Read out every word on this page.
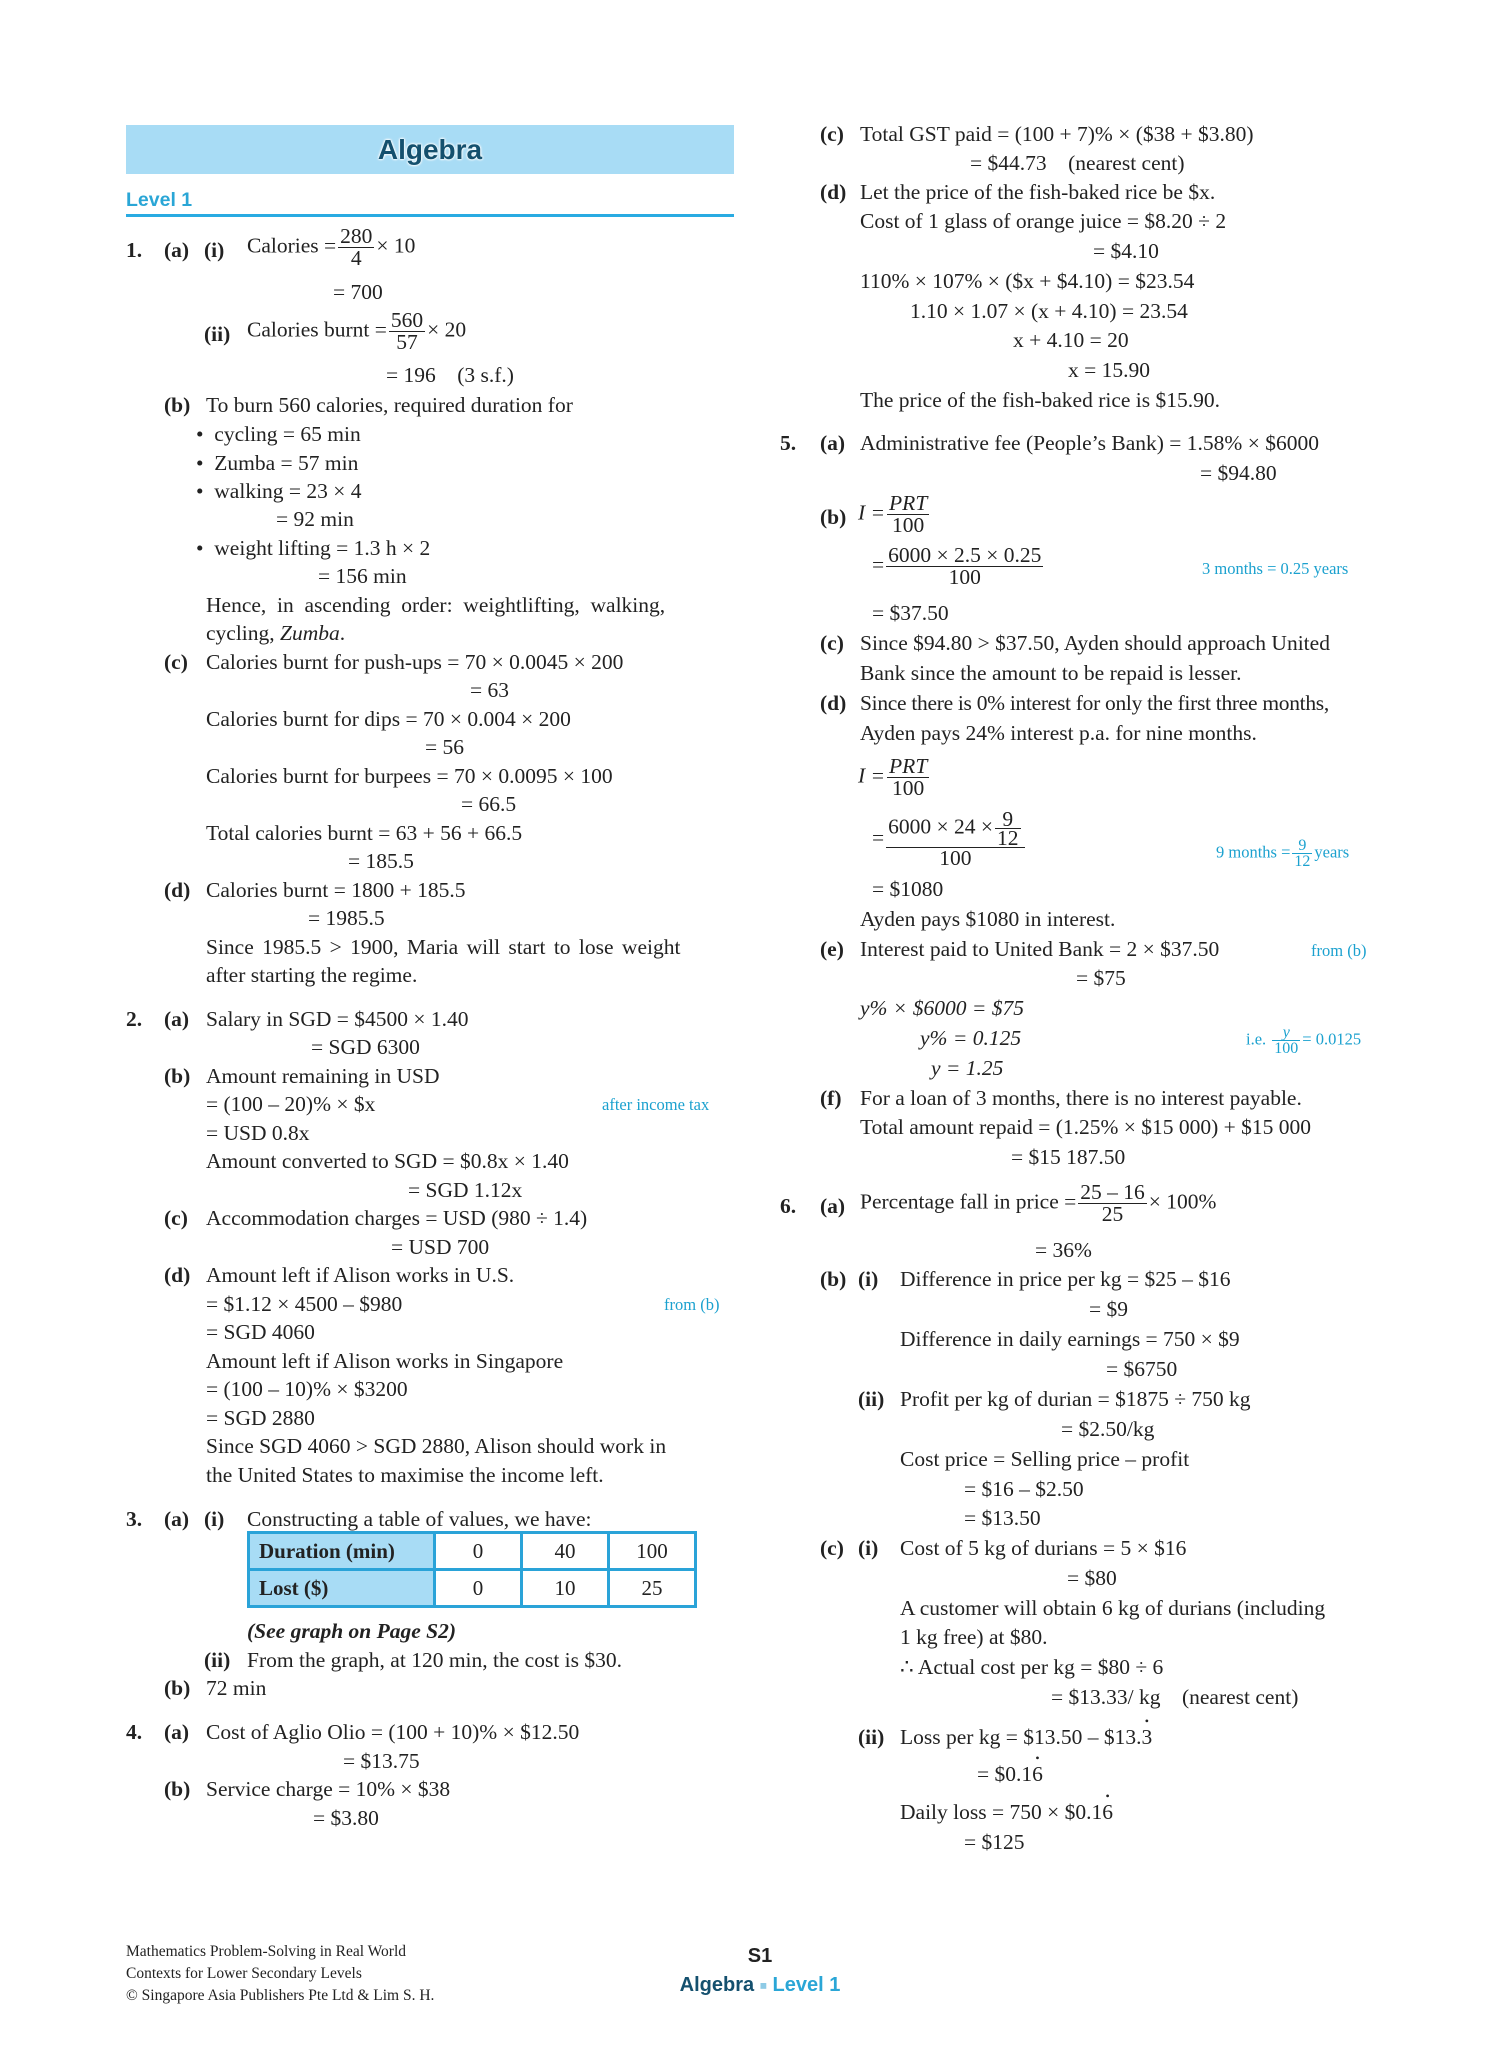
Algebra
Level 1
1. (a) (i) Calories = $\frac{280}{4} \times 10$
= 700
(ii) Calories burnt = $\frac{560}{57} \times 20$
= 196    (3 s.f.)
(b) To burn 560 calories, required duration for
•  cycling = 65 min
•  Zumba = 57 min
•  walking = 23 × 4
= 92 min
•  weight lifting = 1.3 h × 2
= 156 min
Hence,  in  ascending  order:  weightlifting,  walking,
cycling, Zumba.
(c) Calories burnt for push-ups = 70 × 0.0045 × 200
= 63
Calories burnt for dips = 70 × 0.004 × 200
= 56
Calories burnt for burpees = 70 × 0.0095 × 100
= 66.5
Total calories burnt = 63 + 56 + 66.5
= 185.5
(d) Calories burnt = 1800 + 185.5
= 1985.5
Since 1985.5 > 1900, Maria will start to lose weight
after starting the regime.
2. (a) Salary in SGD = $4500 × 1.40
= SGD 6300
(b) Amount remaining in USD
= (100 – 20)% × $x	after income tax
= USD 0.8x
Amount converted to SGD = $0.8x × 1.40
= SGD 1.12x
(c) Accommodation charges = USD (980 ÷ 1.4)
= USD 700
(d) Amount left if Alison works in U.S.
= $1.12 × 4500 – $980	from (b)
= SGD 4060
Amount left if Alison works in Singapore
= (100 – 10)% × $3200
= SGD 2880
Since SGD 4060 > SGD 2880, Alison should work in
the United States to maximise the income left.
3. (a) (i) Constructing a table of values, we have:
Duration (min)	0	40	100
Lost ($)	0	10	25
(See graph on Page S2)
(ii) From the graph, at 120 min, the cost is $30.
(b) 72 min
4. (a) Cost of Aglio Olio = (100 + 10)% × $12.50
= $13.75
(b) Service charge = 10% × $38
= $3.80
(c) Total GST paid = (100 + 7)% × ($38 + $3.80)
= $44.73    (nearest cent)
(d) Let the price of the fish-baked rice be $x.
Cost of 1 glass of orange juice = $8.20 ÷ 2
= $4.10
110% × 107% × ($x + $4.10) = $23.54
1.10 × 1.07 × (x + 4.10) = 23.54
x + 4.10 = 20
x = 15.90
The price of the fish-baked rice is $15.90.
5. (a) Administrative fee (People’s Bank) = 1.58% × $6000
= $94.80
(b) $I = \frac{\text{PRT}}{100}$
= $\frac{6000 \times 2.5 \times 0.25}{100}$	3 months = 0.25 years
= $37.50
(c) Since $94.80 > $37.50, Ayden should approach United
Bank since the amount to be repaid is lesser.
(d) Since there is 0% interest for only the first three months,
Ayden pays 24% interest p.a. for nine months.
$I = \frac{\text{PRT}}{100}$
= $\frac{6000 \times 24 \times \frac{9}{12}}{100}$	9 months = $\frac{9}{12}$ years
= $1080
Ayden pays $1080 in interest.
(e) Interest paid to United Bank = 2 × $37.50	from (b)
= $75
y% × $6000 = $75
y% = 0.125	i.e. $\frac{y}{100} = 0.0125$
y = 1.25
(f) For a loan of 3 months, there is no interest payable.
Total amount repaid = (1.25% × $15 000) + $15 000
= $15 187.50
6. (a) Percentage fall in price = $\frac{25 - 16}{25} \times 100\%$
= 36%
(b) (i) Difference in price per kg = $25 – $16
= $9
Difference in daily earnings = 750 × $9
= $6750
(ii) Profit per kg of durian = $1875 ÷ 750 kg
= $2.50/kg
Cost price = Selling price – profit
= $16 – $2.50
= $13.50
(c) (i) Cost of 5 kg of durians = 5 × $16
= $80
A customer will obtain 6 kg of durians (including
1 kg free) at $80.
∴ Actual cost per kg = $80 ÷ 6
= $13.33/ kg    (nearest cent)
(ii) Loss per kg = $13.50 – $13.3 •
= $0.16 •
Daily loss = 750 × $0.16 •
= $125
Mathematics Problem-Solving in Real World
Contexts for Lower Secondary Levels
© Singapore Asia Publishers Pte Ltd & Lim S. H.
S1
Algebra ■ Level 1
